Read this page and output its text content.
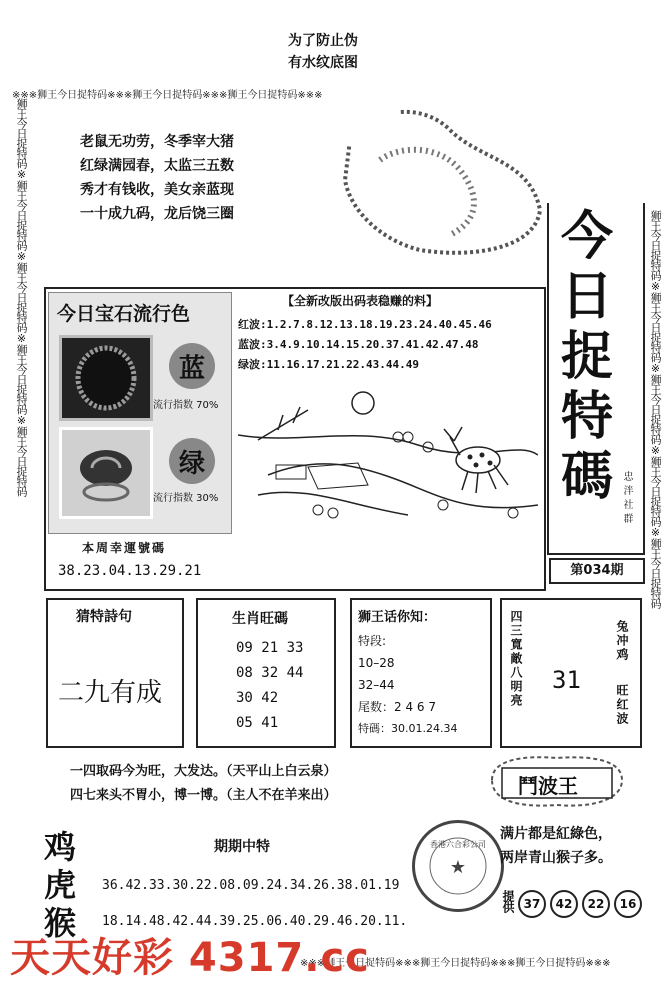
为了防止伪
有水纹底图
※※※狮王今日捉特码※※※狮王今日捉特码※※※狮王今日捉特码※※※
狮王今日捉特码※狮王今日捉特码※狮王今日捉特码※狮王今日捉特码※狮王今日捉特码	狮王今日捉特码※狮王今日捉特码※狮王今日捉特码※狮王今日捉特码※狮王今日捉特码
老鼠无功劳，冬季宰大猪
红绿满园春，太监三五数
秀才有钱收，美女亲蓝现
一十成九码，龙后饶三圈	今
日
捉
特
碼 忠泮社群
第034期
今日宝石流行色
蓝
流行指数 70%
绿
流行指数 30%
本周幸運號碼
38.23.04.13.29.21
【全新改版出码表稳赚的料】
红波:1.2.7.8.12.13.18.19.23.24.40.45.46
蓝波:3.4.9.10.14.15.20.37.41.42.47.48
绿波:11.16.17.21.22.43.44.49
猜特詩句
二九有成
生肖旺碼
09 21 33
08 32 44
30 42
05 41
狮王话你知：
特段:
10–28
32–44
尾数：2 4 6 7
特碼：30.01.24.34
四三寬敵八明亮 31
兔冲鸡
旺红波
一四取码今为旺，大发达。（天平山上白云泉）
四七来头不胃小，博一博。（主人不在羊来出）	鬥波王
★
香港六合彩公司
满片都是紅綠色，
两岸青山猴子多。
提供 37 42 22 16
鸡
虎
猴
期期中特
36.42.33.30.22.08.09.24.34.26.38.01.19
18.14.48.42.44.39.25.06.40.29.46.20.11.
※※※狮王今日捉特码※※※狮王今日捉特码※※※狮王今日捉特码※※※
天天好彩 4317.cc
